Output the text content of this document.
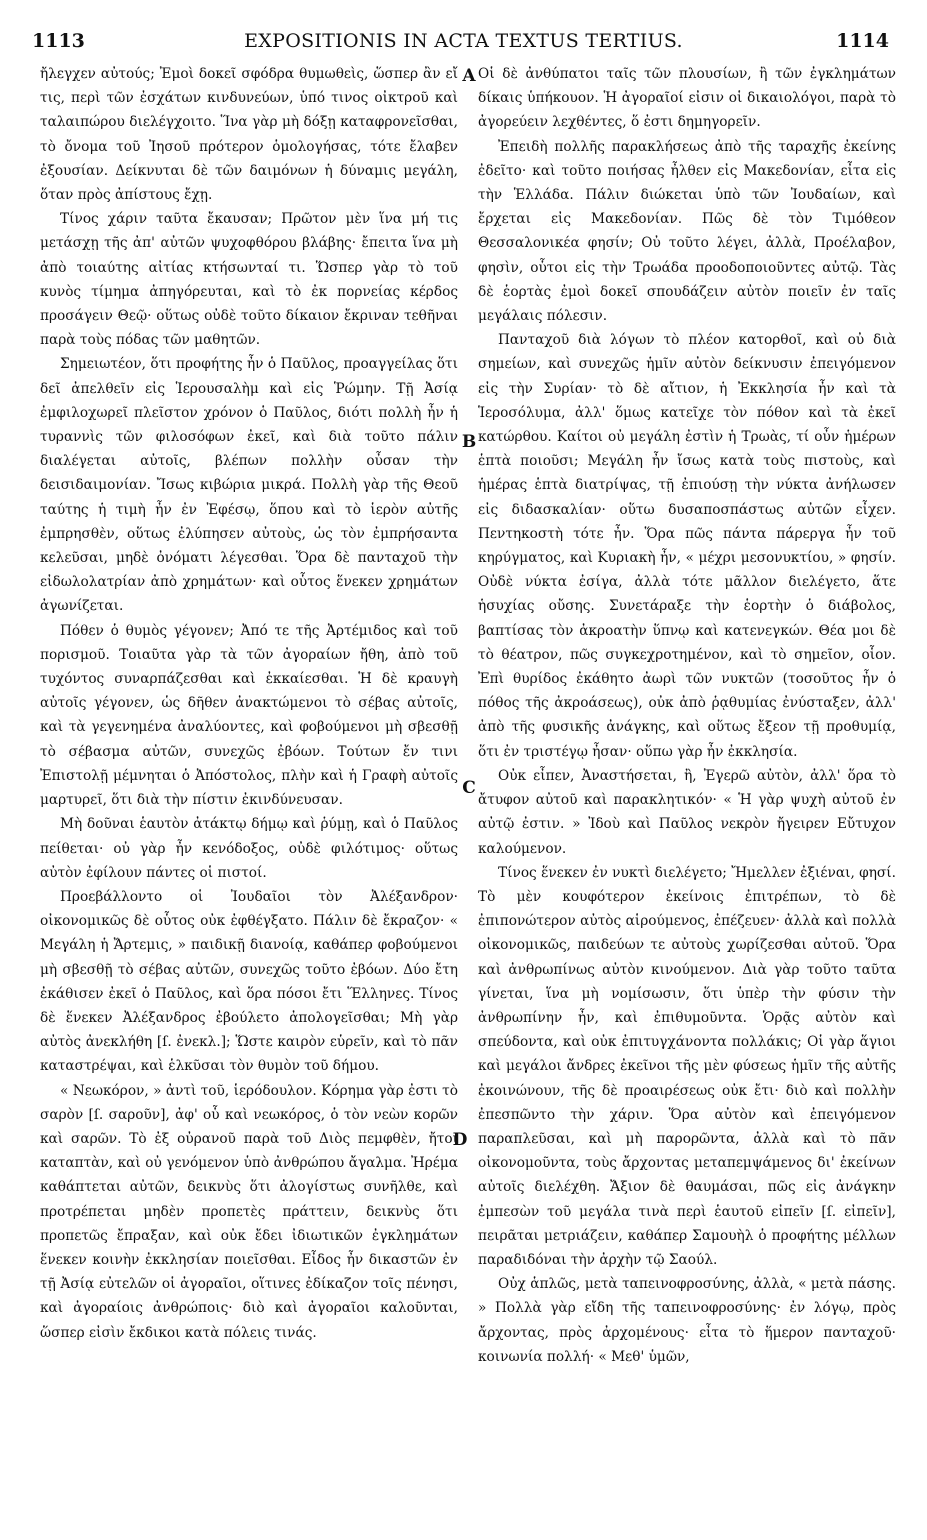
1113	EXPOSITIONIS IN ACTA TEXTUS TERTIUS.	1114

ἤλεγχεν αὐτούς; Ἐμοὶ δοκεῖ σφόδρα θυμωθεὶς, ὥσπερ ἂν εἴ τις, περὶ τῶν ἐσχάτων κινδυνεύων, ὑπό τινος οἰκτροῦ καὶ ταλαιπώρου διελέγχοιτο. Ἵνα γὰρ μὴ δόξῃ καταφρονεῖσθαι, τὸ ὄνομα τοῦ Ἰησοῦ πρότερον ὁμολογήσας, τότε ἔλαβεν ἐξουσίαν. Δείκνυται δὲ τῶν δαιμόνων ἡ δύναμις μεγάλη, ὅταν πρὸς ἀπίστους ἔχῃ.

Τίνος χάριν ταῦτα ἔκαυσαν; Πρῶτον μὲν ἵνα μή τις μετάσχῃ τῆς ἀπ' αὐτῶν ψυχοφθόρου βλάβης· ἔπειτα ἵνα μὴ ἀπὸ τοιαύτης αἰτίας κτήσωνταί τι. Ὥσπερ γὰρ τὸ τοῦ κυνὸς τίμημα ἀπηγόρευται, καὶ τὸ ἐκ πορνείας κέρδος προσάγειν Θεῷ· οὕτως οὐδὲ τοῦτο δίκαιον ἔκριναν τεθῆναι παρὰ τοὺς πόδας τῶν μαθητῶν.

Σημειωτέον, ὅτι προφήτης ἦν ὁ Παῦλος, προαγγείλας ὅτι δεῖ ἀπελθεῖν εἰς Ἱερουσαλὴμ καὶ εἰς Ῥώμην. Τῇ Ἀσίᾳ ἐμφιλοχωρεῖ πλεῖστον χρόνον ὁ Παῦλος, διότι πολλὴ ἦν ἡ τυραννὶς τῶν φιλοσόφων ἐκεῖ, καὶ διὰ τοῦτο πάλιν διαλέγεται αὐτοῖς, βλέπων πολλὴν οὖσαν τὴν δεισιδαιμονίαν. Ἴσως κιβώρια μικρά. Πολλὴ γὰρ τῆς Θεοῦ ταύτης ἡ τιμὴ ἦν ἐν Ἐφέσῳ, ὅπου καὶ τὸ ἱερὸν αὐτῆς ἐμπρησθὲν, οὕτως ἐλύπησεν αὐτοὺς, ὡς τὸν ἐμπρήσαντα κελεῦσαι, μηδὲ ὀνόματι λέγεσθαι. Ὅρα δὲ πανταχοῦ τὴν εἰδωλολατρίαν ἀπὸ χρημάτων· καὶ οὗτος ἕνεκεν χρημάτων ἀγωνίζεται.

Πόθεν ὁ θυμὸς γέγονεν; Ἀπό τε τῆς Ἀρτέμιδος καὶ τοῦ πορισμοῦ. Τοιαῦτα γὰρ τὰ τῶν ἀγοραίων ἤθη, ἀπὸ τοῦ τυχόντος συναρπάζεσθαι καὶ ἐκκαίεσθαι. Ἡ δὲ κραυγὴ αὐτοῖς γέγονεν, ὡς δῆθεν ἀνακτώμενοι τὸ σέβας αὐτοῖς, καὶ τὰ γεγενημένα ἀναλύοντες, καὶ φοβούμενοι μὴ σβεσθῇ τὸ σέβασμα αὐτῶν, συνεχῶς ἐβόων. Τούτων ἔν τινι Ἐπιστολῇ μέμνηται ὁ Ἀπόστολος, πλὴν καὶ ἡ Γραφὴ αὐτοῖς μαρτυρεῖ, ὅτι διὰ τὴν πίστιν ἐκινδύνευσαν.

Μὴ δοῦναι ἑαυτὸν ἀτάκτῳ δήμῳ καὶ ῥύμῃ, καὶ ὁ Παῦλος πείθεται· οὐ γὰρ ἦν κενόδοξος, οὐδὲ φιλότιμος· οὕτως αὐτὸν ἐφίλουν πάντες οἱ πιστοί.

Προεβάλλοντο οἱ Ἰουδαῖοι τὸν Ἀλέξανδρον· οἰκονομικῶς δὲ οὗτος οὐκ ἐφθέγξατο. Πάλιν δὲ ἔκραζον· « Μεγάλη ἡ Ἄρτεμις, » παιδικῇ διανοίᾳ, καθάπερ φοβούμενοι μὴ σβεσθῇ τὸ σέβας αὐτῶν, συνεχῶς τοῦτο ἐβόων. Δύο ἔτη ἐκάθισεν ἐκεῖ ὁ Παῦλος, καὶ ὅρα πόσοι ἔτι Ἕλληνες. Τίνος δὲ ἕνεκεν Ἀλέξανδρος ἐβούλετο ἀπολογεῖσθαι; Μὴ γὰρ αὐτὸς ἀνεκλήθη [ſ. ἐνεκλ.]; Ὥστε καιρὸν εὑρεῖν, καὶ τὸ πᾶν καταστρέψαι, καὶ ἑλκῦσαι τὸν θυμὸν τοῦ δήμου.

« Νεωκόρον, » ἀντὶ τοῦ, ἱερόδουλον. Κόρημα γὰρ ἐστι τὸ σαρὸν [ſ. σαροῦν], ἀφ' οὗ καὶ νεωκόρος, ὁ τὸν νεὼν κορῶν καὶ σαρῶν. Τὸ ἐξ οὐρανοῦ παρὰ τοῦ Διὸς πεμφθὲν, ἤτοι καταπτὰν, καὶ οὐ γενόμενον ὑπὸ ἀνθρώπου ἄγαλμα. Ἠρέμα καθάπτεται αὐτῶν, δεικνὺς ὅτι ἀλογίστως συνῆλθε, καὶ προτρέπεται μηδὲν προπετὲς πράττειν, δεικνὺς ὅτι προπετῶς ἔπραξαν, καὶ οὐκ ἔδει ἰδιωτικῶν ἐγκλημάτων ἕνεκεν κοινὴν ἐκκλησίαν ποιεῖσθαι. Εἶδος ἦν δικαστῶν ἐν τῇ Ἀσίᾳ εὐτελῶν οἱ ἀγοραῖοι, οἵτινες ἐδίκαζον τοῖς πένησι, καὶ ἀγοραίοις ἀνθρώποις· διὸ καὶ ἀγοραῖοι καλοῦνται, ὥσπερ εἰσὶν ἔκδικοι κατὰ πόλεις τινάς.

A
B
C
D

Οἱ δὲ ἀνθύπατοι ταῖς τῶν πλουσίων, ἢ τῶν ἐγκλημάτων δίκαις ὑπήκουον. Ἡ ἀγοραῖοί εἰσιν οἱ δικαιολόγοι, παρὰ τὸ ἀγορεύειν λεχθέντες, ὅ ἐστι δημηγορεῖν.

Ἐπειδὴ πολλῆς παρακλήσεως ἀπὸ τῆς ταραχῆς ἐκείνης ἐδεῖτο· καὶ τοῦτο ποιήσας ἦλθεν εἰς Μακεδονίαν, εἶτα εἰς τὴν Ἑλλάδα. Πάλιν διώκεται ὑπὸ τῶν Ἰουδαίων, καὶ ἔρχεται εἰς Μακεδονίαν. Πῶς δὲ τὸν Τιμόθεον Θεσσαλονικέα φησίν; Οὐ τοῦτο λέγει, ἀλλὰ, Προέλαβον, φησὶν, οὗτοι εἰς τὴν Τρωάδα προοδοποιοῦντες αὐτῷ. Τὰς δὲ ἑορτὰς ἐμοὶ δοκεῖ σπουδάζειν αὐτὸν ποιεῖν ἐν ταῖς μεγάλαις πόλεσιν.

Πανταχοῦ διὰ λόγων τὸ πλέον κατορθοῖ, καὶ οὐ διὰ σημείων, καὶ συνεχῶς ἡμῖν αὐτὸν δείκνυσιν ἐπειγόμενον εἰς τὴν Συρίαν· τὸ δὲ αἴτιον, ἡ Ἐκκλησία ἦν καὶ τὰ Ἱεροσόλυμα, ἀλλ' ὅμως κατεῖχε τὸν πόθον καὶ τὰ ἐκεῖ κατώρθου. Καίτοι οὐ μεγάλη ἐστὶν ἡ Τρωὰς, τί οὖν ἡμέρων ἑπτὰ ποιοῦσι; Μεγάλη ἦν ἴσως κατὰ τοὺς πιστοὺς, καὶ ἡμέρας ἑπτὰ διατρίψας, τῇ ἐπιούσῃ τὴν νύκτα ἀνήλωσεν εἰς διδασκαλίαν· οὕτω δυσαποσπάστως αὐτῶν εἶχεν. Πεντηκοστὴ τότε ἦν. Ὅρα πῶς πάντα πάρεργα ἦν τοῦ κηρύγματος, καὶ Κυριακὴ ἦν, « μέχρι μεσονυκτίου, » φησίν. Οὐδὲ νύκτα ἐσίγα, ἀλλὰ τότε μᾶλλον διελέγετο, ἅτε ἡσυχίας οὔσης. Συνετάραξε τὴν ἑορτὴν ὁ διάβολος, βαπτίσας τὸν ἀκροατὴν ὕπνῳ καὶ κατενεγκών. Θέα μοι δὲ τὸ θέατρον, πῶς συγκεχροτημένον, καὶ τὸ σημεῖον, οἷον. Ἐπὶ θυρίδος ἐκάθητο ἀωρὶ τῶν νυκτῶν (τοσοῦτος ἦν ὁ πόθος τῆς ἀκροάσεως), οὐκ ἀπὸ ῥᾳθυμίας ἐνύσταξεν, ἀλλ' ἀπὸ τῆς φυσικῆς ἀνάγκης, καὶ οὕτως ἔξεον τῇ προθυμίᾳ, ὅτι ἐν τριστέγῳ ἦσαν· οὕπω γὰρ ἦν ἐκκλησία.

Οὐκ εἶπεν, Ἀναστήσεται, ἢ, Ἐγερῶ αὐτὸν, ἀλλ' ὅρα τὸ ἄτυφον αὐτοῦ καὶ παρακλητικόν· « Ἡ γὰρ ψυχὴ αὐτοῦ ἐν αὐτῷ ἐστιν. » Ἰδοὺ καὶ Παῦλος νεκρὸν ἤγειρεν Εὔτυχον καλούμενον.

Τίνος ἕνεκεν ἐν νυκτὶ διελέγετο; Ἤμελλεν ἐξιέναι, φησί. Τὸ μὲν κουφότερον ἐκείνοις ἐπιτρέπων, τὸ δὲ ἐπιπονώτερον αὐτὸς αἱρούμενος, ἐπέζευεν· ἀλλὰ καὶ πολλὰ οἰκονομικῶς, παιδεύων τε αὐτοὺς χωρίζεσθαι αὐτοῦ. Ὅρα καὶ ἀνθρωπίνως αὐτὸν κινούμενον. Διὰ γὰρ τοῦτο ταῦτα γίνεται, ἵνα μὴ νομίσωσιν, ὅτι ὑπὲρ τὴν φύσιν τὴν ἀνθρωπίνην ἦν, καὶ ἐπιθυμοῦντα. Ὁρᾷς αὐτὸν καὶ σπεύδοντα, καὶ οὐκ ἐπιτυγχάνοντα πολλάκις; Οἱ γὰρ ἅγιοι καὶ μεγάλοι ἄνδρες ἐκεῖνοι τῆς μὲν φύσεως ἡμῖν τῆς αὐτῆς ἐκοινώνουν, τῆς δὲ προαιρέσεως οὐκ ἔτι· διὸ καὶ πολλὴν ἐπεσπῶντο τὴν χάριν. Ὅρα αὐτὸν καὶ ἐπειγόμενον παραπλεῦσαι, καὶ μὴ παρορῶντα, ἀλλὰ καὶ τὸ πᾶν οἰκονομοῦντα, τοὺς ἄρχοντας μεταπεμψάμενος δι' ἐκείνων αὐτοῖς διελέχθη. Ἄξιον δὲ θαυμάσαι, πῶς εἰς ἀνάγκην ἐμπεσὼν τοῦ μεγάλα τινὰ περὶ ἑαυτοῦ εἰπεῖν [ſ. εἰπεῖν], πειρᾶται μετριάζειν, καθάπερ Σαμουὴλ ὁ προφήτης μέλλων παραδιδόναι τὴν ἀρχὴν τῷ Σαούλ.

Οὐχ ἁπλῶς, μετὰ ταπεινοφροσύνης, ἀλλὰ, « μετὰ πάσης. » Πολλὰ γὰρ εἴδη τῆς ταπεινοφροσύνης· ἐν λόγῳ, πρὸς ἄρχοντας, πρὸς ἀρχομένους· εἶτα τὸ ἥμερον πανταχοῦ· κοινωνία πολλή· « Μεθ' ὑμῶν,
